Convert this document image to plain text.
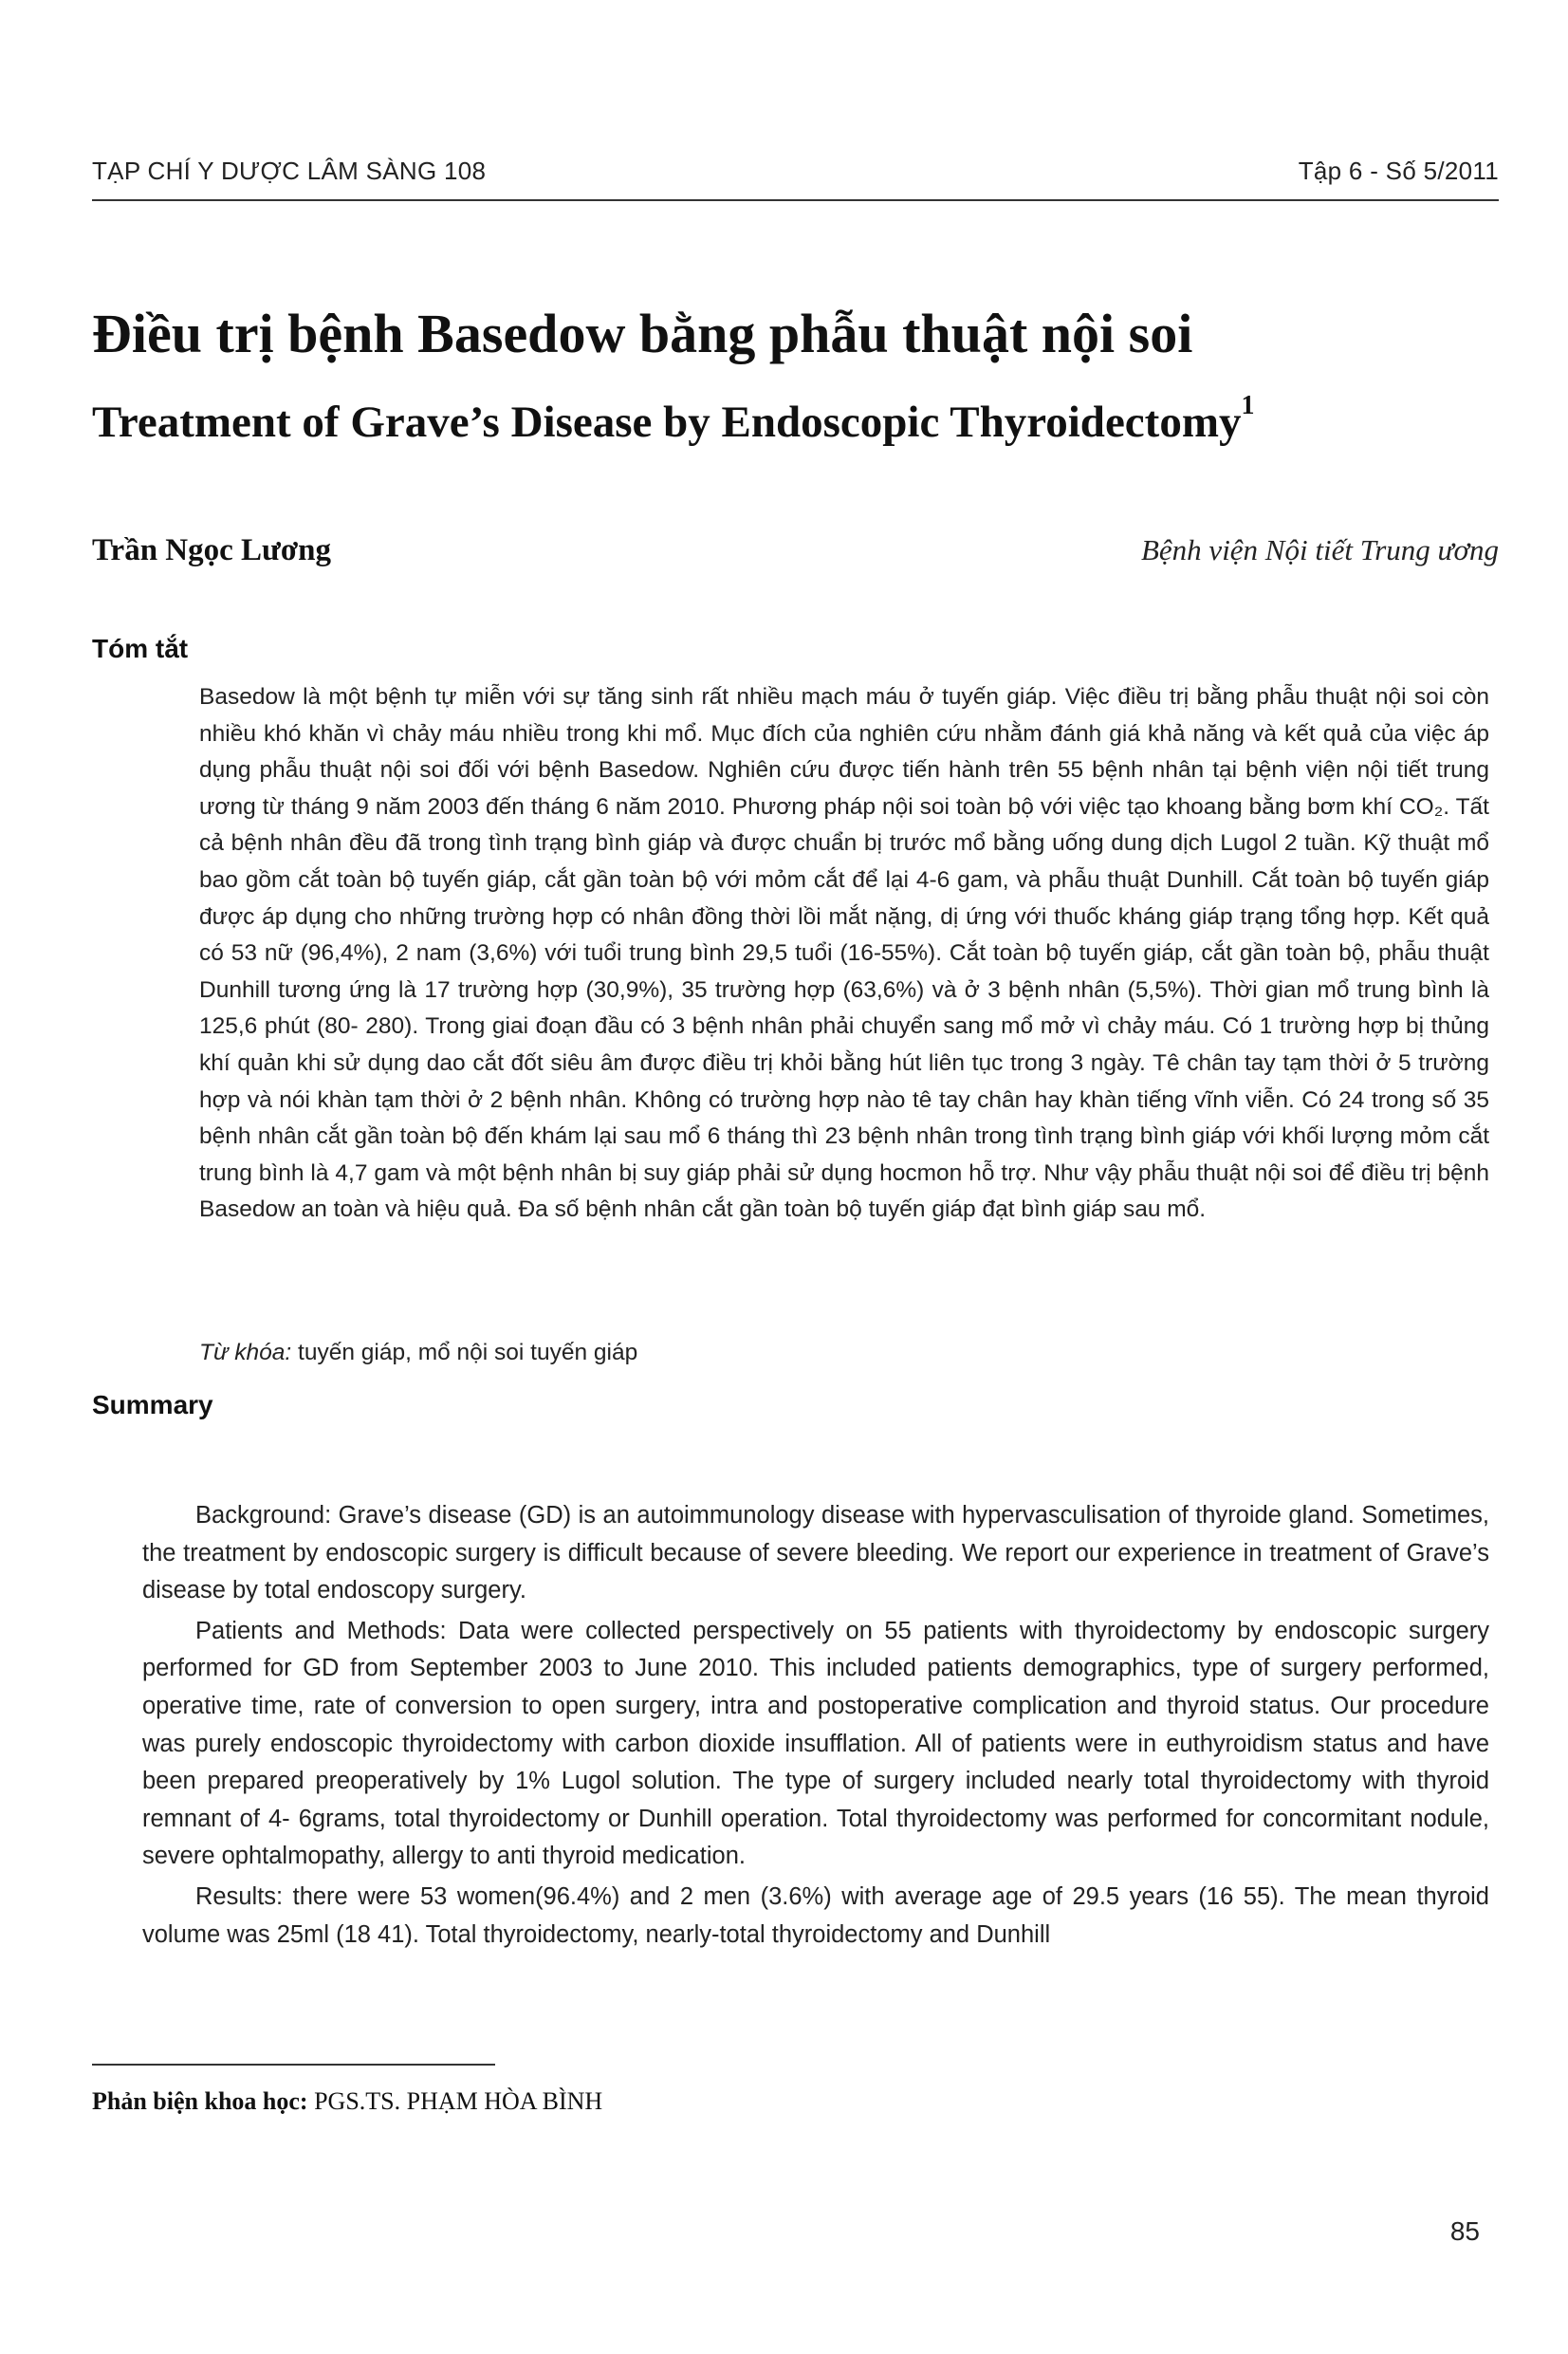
TẠP CHÍ Y DƯỢC LÂM SÀNG 108	Tập 6 - Số 5/2011
Điều trị bệnh Basedow bằng phẫu thuật nội soi
Treatment of Grave’s Disease by Endoscopic Thyroidectomy$^1$
Trần Ngọc Lương	Bệnh viện Nội tiết Trung ương
Tóm tắt

Basedow là một bệnh tự miễn với sự tăng sinh rất nhiều mạch máu ở tuyến giáp. Việc điều trị bằng phẫu thuật nội soi còn nhiều khó khăn vì chảy máu nhiều trong khi mổ. Mục đích của nghiên cứu nhằm đánh giá khả năng và kết quả của việc áp dụng phẫu thuật nội soi đối với bệnh Basedow. Nghiên cứu được tiến hành trên 55 bệnh nhân tại bệnh viện nội tiết trung ương từ tháng 9 năm 2003 đến tháng 6 năm 2010. Phương pháp nội soi toàn bộ với việc tạo khoang bằng bơm khí CO₂. Tất cả bệnh nhân đều đã trong tình trạng bình giáp và được chuẩn bị trước mổ bằng uống dung dịch Lugol 2 tuần. Kỹ thuật mổ bao gồm cắt toàn bộ tuyến giáp, cắt gần toàn bộ với mỏm cắt để lại 4-6 gam, và phẫu thuật Dunhill. Cắt toàn bộ tuyến giáp được áp dụng cho những trường hợp có nhân đồng thời lồi mắt nặng, dị ứng với thuốc kháng giáp trạng tổng hợp. Kết quả có 53 nữ (96,4%), 2 nam (3,6%) với tuổi trung bình 29,5 tuổi (16-55%). Cắt toàn bộ tuyến giáp, cắt gần toàn bộ, phẫu thuật Dunhill tương ứng là 17 trường hợp (30,9%), 35 trường hợp (63,6%) và ở 3 bệnh nhân (5,5%). Thời gian mổ trung bình là 125,6 phút (80- 280). Trong giai đoạn đầu có 3 bệnh nhân phải chuyển sang mổ mở vì chảy máu. Có 1 trường hợp bị thủng khí quản khi sử dụng dao cắt đốt siêu âm được điều trị khỏi bằng hút liên tục trong 3 ngày. Tê chân tay tạm thời ở 5 trường hợp và nói khàn tạm thời ở 2 bệnh nhân. Không có trường hợp nào tê tay chân hay khàn tiếng vĩnh viễn. Có 24 trong số 35 bệnh nhân cắt gần toàn bộ đến khám lại sau mổ 6 tháng thì 23 bệnh nhân trong tình trạng bình giáp với khối lượng mỏm cắt trung bình là 4,7 gam và một bệnh nhân bị suy giáp phải sử dụng hocmon hỗ trợ. Như vậy phẫu thuật nội soi để điều trị bệnh Basedow an toàn và hiệu quả. Đa số bệnh nhân cắt gần toàn bộ tuyến giáp đạt bình giáp sau mổ.

Từ khóa: tuyến giáp, mổ nội soi tuyến giáp
Summary

Background: Grave’s disease (GD) is an autoimmunology disease with hypervasculisation of thyroide gland. Sometimes, the treatment by endoscopic surgery is difficult because of severe bleeding. We report our experience in treatment of Grave’s disease by total endoscopy surgery.

Patients and Methods: Data were collected perspectively on 55 patients with thyroidectomy by endoscopic surgery performed for GD from September 2003 to June 2010. This included patients demographics, type of surgery performed, operative time, rate of conversion to open surgery, intra and postoperative complication and thyroid status. Our procedure was purely endoscopic thyroidectomy with carbon dioxide insufflation. All of patients were in euthyroidism status and have been prepared preoperatively by 1% Lugol solution. The type of surgery included nearly total thyroidectomy with thyroid remnant of 4- 6grams, total thyroidectomy or Dunhill operation. Total thyroidectomy was performed for concormitant nodule, severe ophtalmopathy, allergy to anti thyroid medication.

Results: there were 53 women(96.4%) and 2 men (3.6%) with average age of 29.5 years (16 55). The mean thyroid volume was 25ml (18 41). Total thyroidectomy, nearly-total thyroidectomy and Dunhill

Phản biện khoa học: PGS.TS. PHẠM HÒA BÌNH
85
